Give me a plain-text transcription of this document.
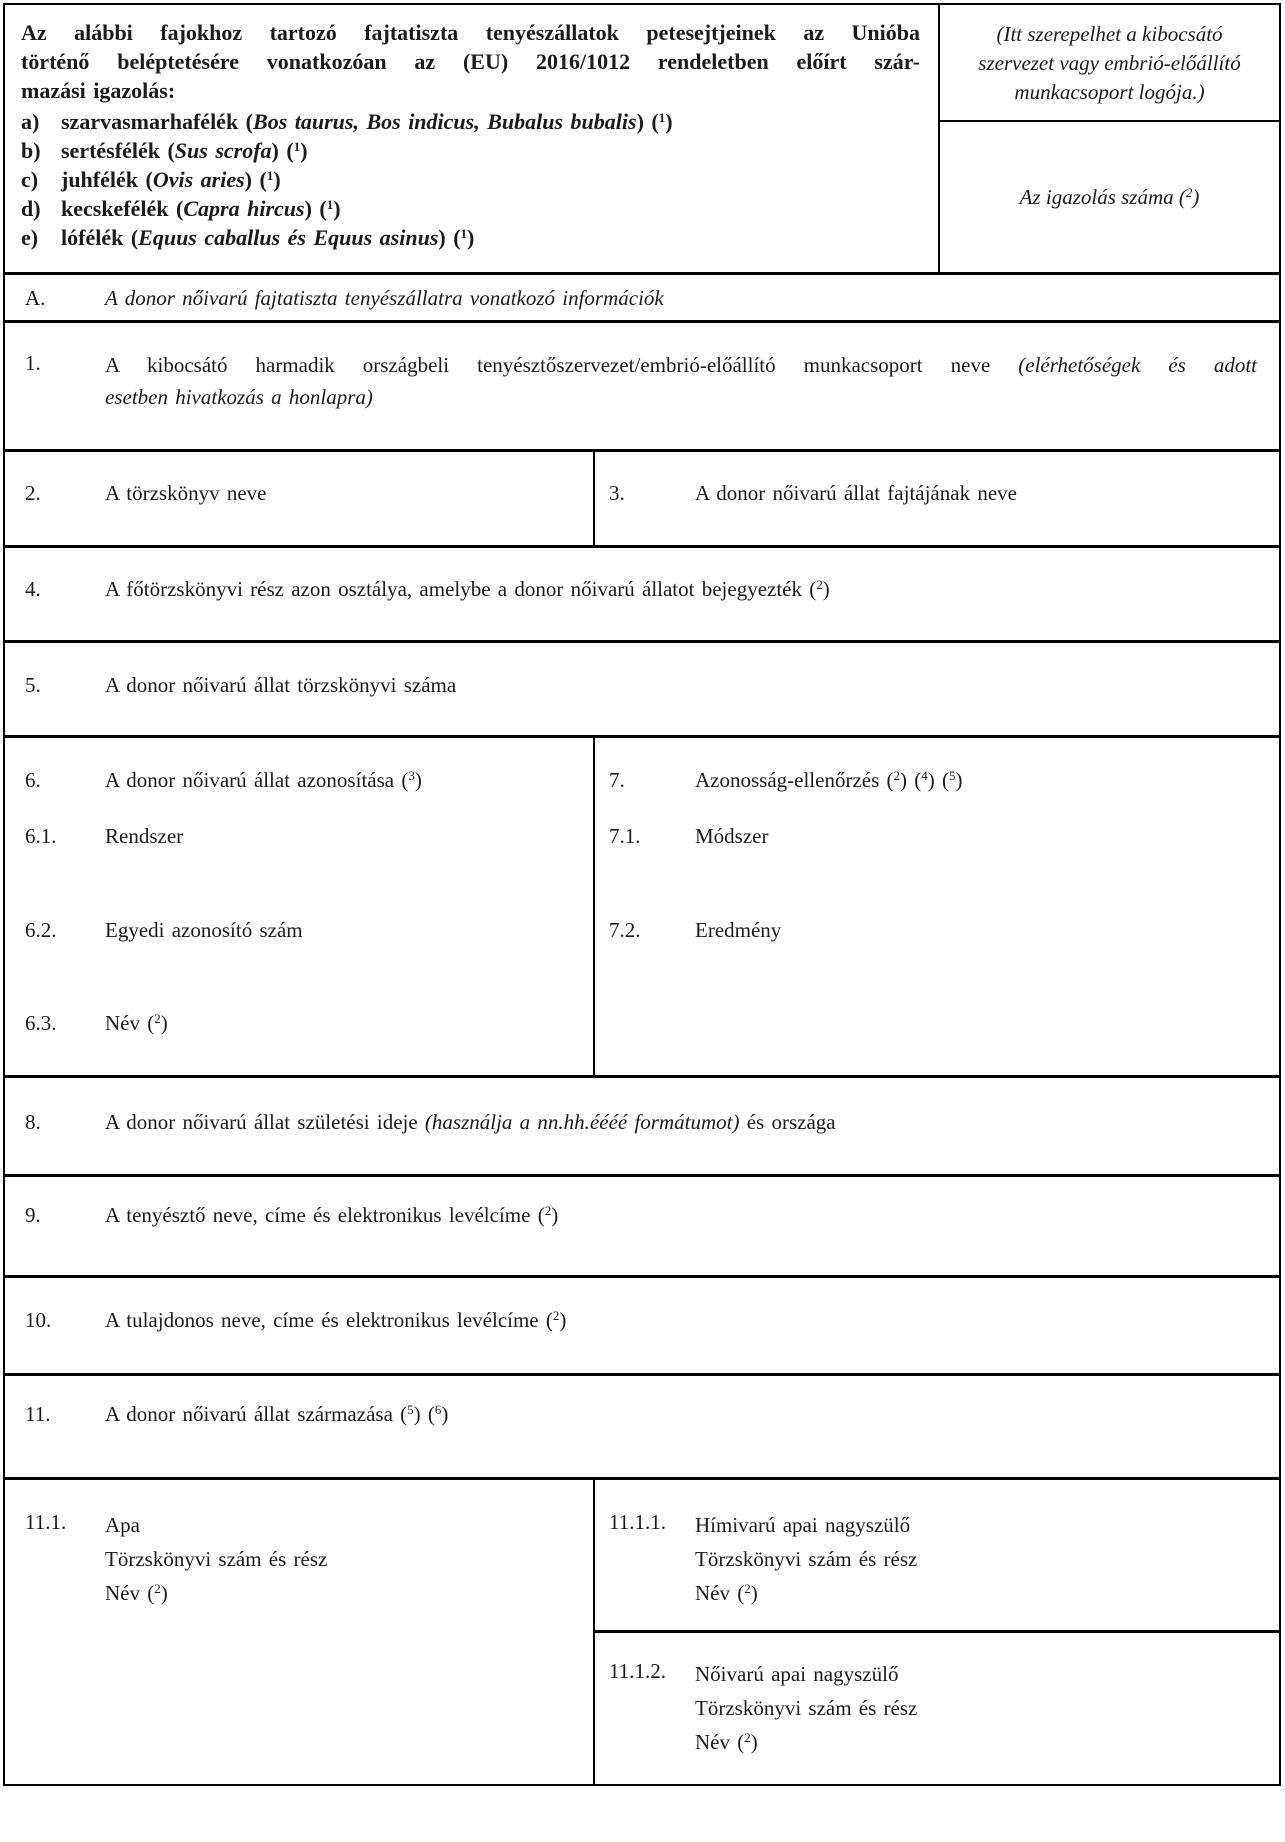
Az alábbi fajokhoz tartozó fajtatiszta tenyészállatok petesejtjeinek az Unióba
történő beléptetésére vonatkozóan az (EU) 2016/1012 rendeletben előírt szár-
mazási igazolás:
a) szarvasmarhafélék (Bos taurus, Bos indicus, Bubalus bubalis) ($^1$)
b) sertésfélék (Sus scrofa) ($^1$)
c)	juhfélék (Ovis aries) ($^1$)
d) kecskefélék (Capra hircus) ($^1$)
e)	lófélék (Equus caballus és Equus asinus) ($^1$)
(Itt szerepelhet a kibocsátó
szervezet vagy embrió-előállító
munkacsoport logója.)
Az igazolás száma ($^2$)
A.	A donor nőivarú fajtatiszta tenyészállatra vonatkozó információk
1.	A kibocsátó harmadik országbeli tenyésztőszervezet/embrió-előállító munkacsoport neve (elérhetőségek és adott
esetben hivatkozás a honlapra)
2.	A törzskönyv neve	3.	A donor nőivarú állat fajtájának neve
4.	A főtörzskönyvi rész azon osztálya, amelybe a donor nőivarú állatot bejegyezték ($^2$)
5.	A donor nőivarú állat törzskönyvi száma
6.	A donor nőivarú állat azonosítása ($^3$)
6.1.	Rendszer
6.2.	Egyedi azonosító szám
6.3.	Név ($^2$)
7.	Azonosság-ellenőrzés ($^2$) ($^4$) ($^5$)
7.1.	Módszer
7.2.	Eredmény
8.	A donor nőivarú állat születési ideje (használja a nn.hh.éééé formátumot) és országa
9.	A tenyésztő neve, címe és elektronikus levélcíme ($^2$)
10.	A tulajdonos neve, címe és elektronikus levélcíme ($^2$)
11.	A donor nőivarú állat származása ($^5$) ($^6$)
11.1.	Apa
Törzskönyvi szám és rész
Név ($^2$)
11.1.1.	Hímivarú apai nagyszülő
Törzskönyvi szám és rész
Név ($^2$)
11.1.2.	Nőivarú apai nagyszülő
Törzskönyvi szám és rész
Név ($^2$)
